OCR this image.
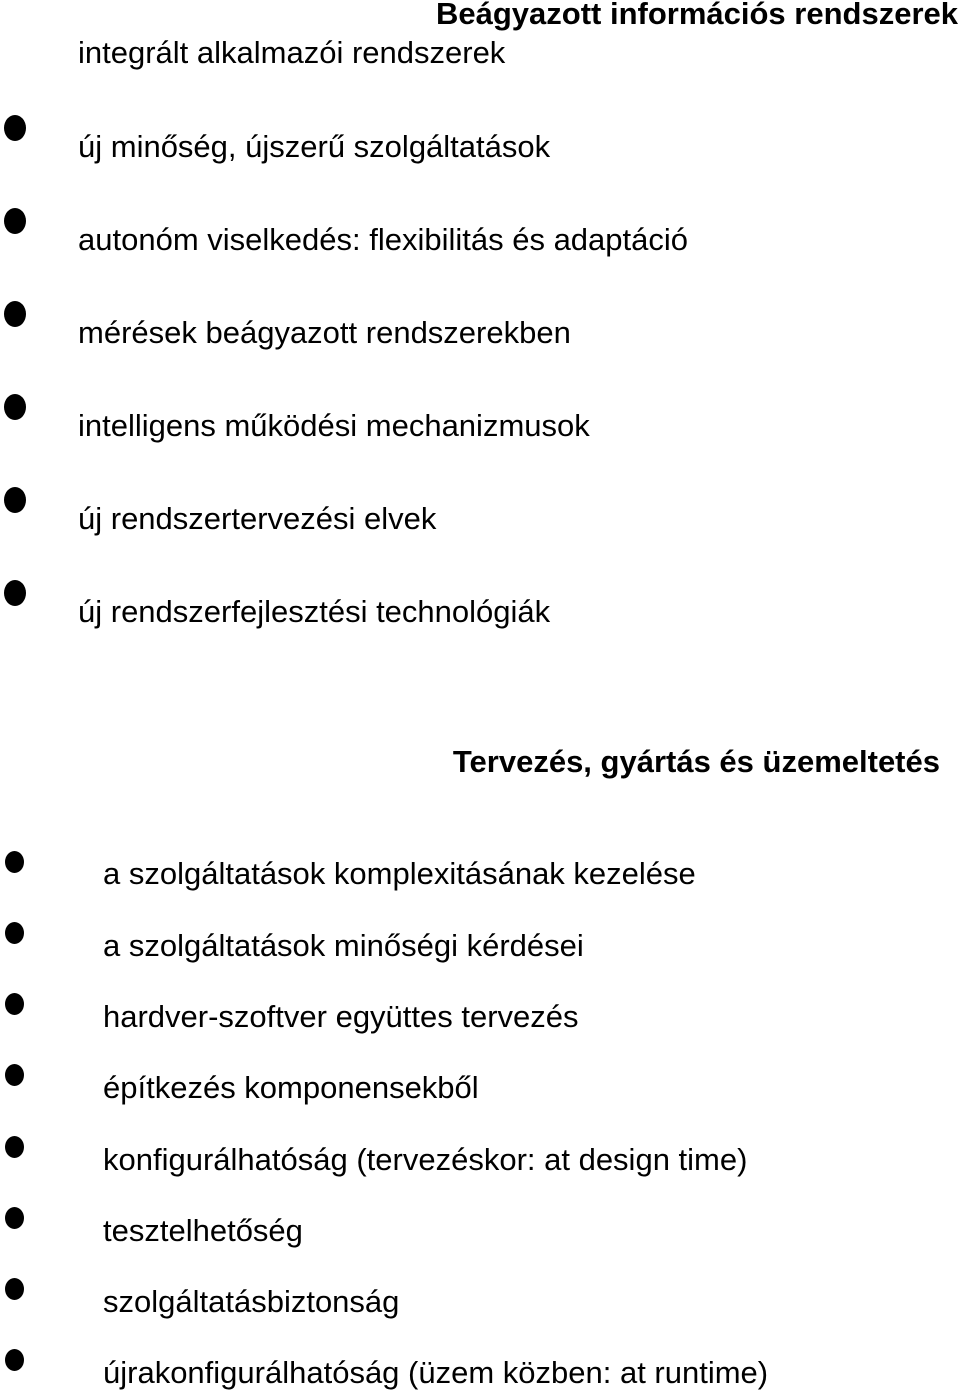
Beágyazott információs rendszerek
integrált alkalmazói rendszerek
új minőség, újszerű szolgáltatások
autonóm viselkedés: flexibilitás és adaptáció
mérések beágyazott rendszerekben
intelligens működési mechanizmusok
új rendszertervezési elvek
új rendszerfejlesztési technológiák
Tervezés, gyártás és üzemeltetés
a szolgáltatások komplexitásának kezelése
a szolgáltatások minőségi kérdései
hardver-szoftver együttes tervezés
építkezés komponensekből
konfigurálhatóság (tervezéskor: at design time)
tesztelhetőség
szolgáltatásbiztonság
újrakonfigurálhatóság (üzem közben: at runtime)
